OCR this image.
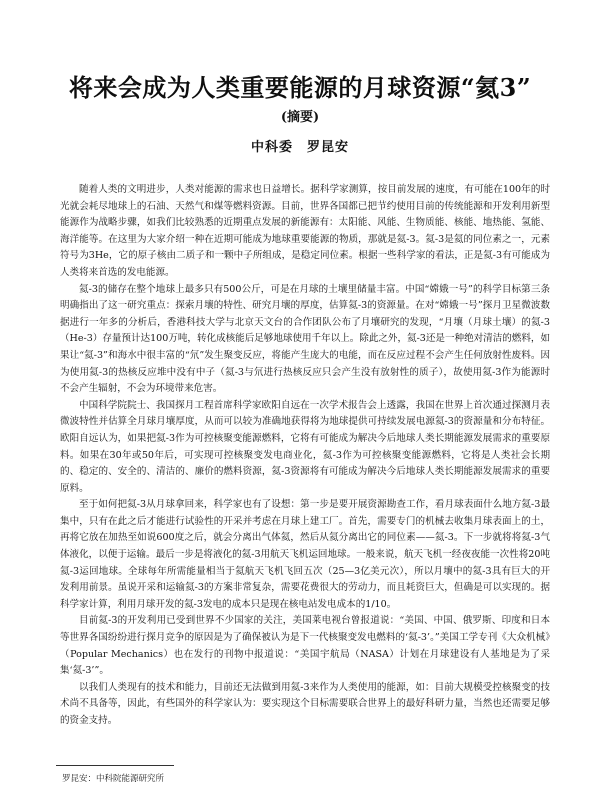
将来会成为人类重要能源的月球资源“氦3”
(摘要)
中科委　罗昆安

随着人类的文明进步，人类对能源的需求也日益增长。据科学家测算，按目前发展的速度，有可能在100年的时光就会耗尽地球上的石油、天然气和煤等燃料资源。目前，世界各国都已把节约使用目前的传统能源和开发利用新型能源作为战略步骤，如我们比较熟悉的近期重点发展的新能源有：太阳能、风能、生物质能、核能、地热能、氢能、海洋能等。在这里为大家介绍一种在近期可能成为地球重要能源的物质，那就是氦-3。氦-3是氦的同位素之一，元素符号为3He，它的原子核由二质子和一颗中子所组成，是稳定同位素。根据一些科学家的看法，正是氦-3有可能成为人类将来首选的发电能源。

氦-3的储存在整个地球上最多只有500公斤，可是在月球的土壤里储量丰富。中国“嫦娥一号”的科学目标第三条明确指出了这一研究重点：探索月壤的特性、研究月壤的厚度，估算氦-3的资源量。在对“嫦娥一号”探月卫星微波数据进行一年多的分析后，香港科技大学与北京天文台的合作团队公布了月壤研究的发现，“月壤（月球土壤）的氦-3（He-3）存量预计达100万吨，转化成核能后足够地球使用千年以上。除此之外，氦-3还是一种绝对清洁的燃料，如果让“氦-3”和海水中很丰富的“氘”发生聚变反应，将能产生庞大的电能，而在反应过程不会产生任何放射性废料。因为使用氦-3的热核反应堆中没有中子（氦-3与氘进行热核反应只会产生没有放射性的质子），故使用氦-3作为能源时不会产生辐射，不会为环境带来危害。

中国科学院院士、我国探月工程首席科学家欧阳自远在一次学术报告会上透露，我国在世界上首次通过探测月表微波特性并估算全月球月壤厚度，从而可以较为准确地获得将为地球提供可持续发展电源氦-3的资源量和分布特征。欧阳自远认为，如果把氦-3作为可控核聚变能源燃料，它将有可能成为解决今后地球人类长期能源发展需求的重要原料。如果在30年或50年后，可实现可控核聚变发电商业化，氦-3作为可控核聚变能源燃料，它将是人类社会长期的、稳定的、安全的、清洁的、廉价的燃料资源，氦-3资源将有可能成为解决今后地球人类长期能源发展需求的重要原料。

至于如何把氦-3从月球拿回来，科学家也有了设想：第一步是要开展资源勘查工作，看月球表面什么地方氦-3最集中，只有在此之后才能进行试验性的开采并考虑在月球上建工厂。首先，需要专门的机械去收集月球表面上的土，再将它放在加热至如说600度之后，就会分离出气体氦，然后从氦分离出它的同位素——氦-3。下一步就将将氦-3气体液化，以便于运输。最后一步是将液化的氦-3用航天飞机运回地球。一般来说，航天飞机一经夜夜能一次性将20吨氦-3运回地球。全球每年所需能量相当于氦航天飞机飞回五次（25—3亿美元次），所以月壤中的氦-3具有巨大的开发利用前景。虽说开采和运输氦-3的方案非常复杂，需要花费很大的劳动力，而且耗资巨大，但确是可以实现的。据科学家计算，利用月球开发的氦-3发电的成本只是现在核电站发电成本的1/10。

目前氦-3的开发利用已受到世界不少国家的关注，美国莱电视台曾报道说：“美国、中国、俄罗斯、印度和日本等世界各国纷纷进行探月竞争的原因是为了确保被认为是下一代核聚变发电燃料的‘氦-3’。”美国工学专刊《大众机械》（Popular Mechanics）也在发行的刊物中报道说：“美国宇航局（NASA）计划在月球建设有人基地是为了采集‘氦-3’”。

以我们人类现有的技术和能力，目前还无法做到用氦-3来作为人类使用的能源，如：目前大规模受控核聚变的技术尚不具备等，因此，有些国外的科学家认为：要实现这个目标需要联合世界上的最好科研力量，当然也还需要足够的资金支持。

罗昆安：中科院能源研究所
